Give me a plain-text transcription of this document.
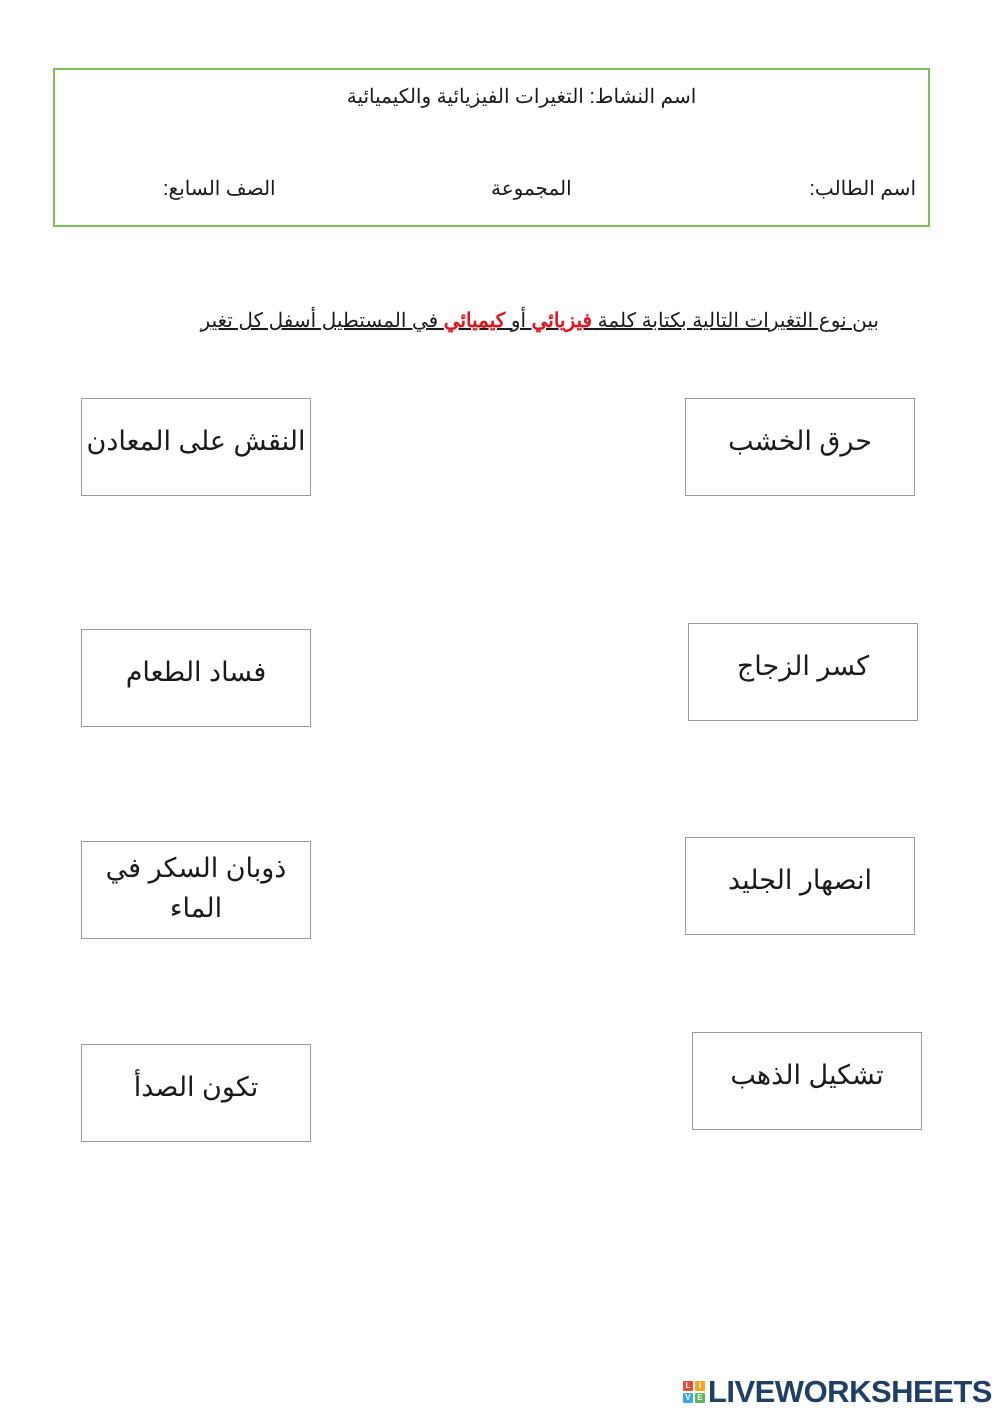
اسم النشاط: التغيرات الفيزيائية والكيميائية
اسم الطالب:
المجموعة
الصف السابع:
بين نوع التغيرات التالية بكتابة كلمة فيزيائي أو كيميائي في المستطيل أسفل كل تغير
حرق الخشب
النقش على المعادن
كسر الزجاج
فساد الطعام
انصهار الجليد
ذوبان السكر في الماء
تشكيل الذهب
تكون الصدأ
L	i
V E LIVEWORKSHEETS
